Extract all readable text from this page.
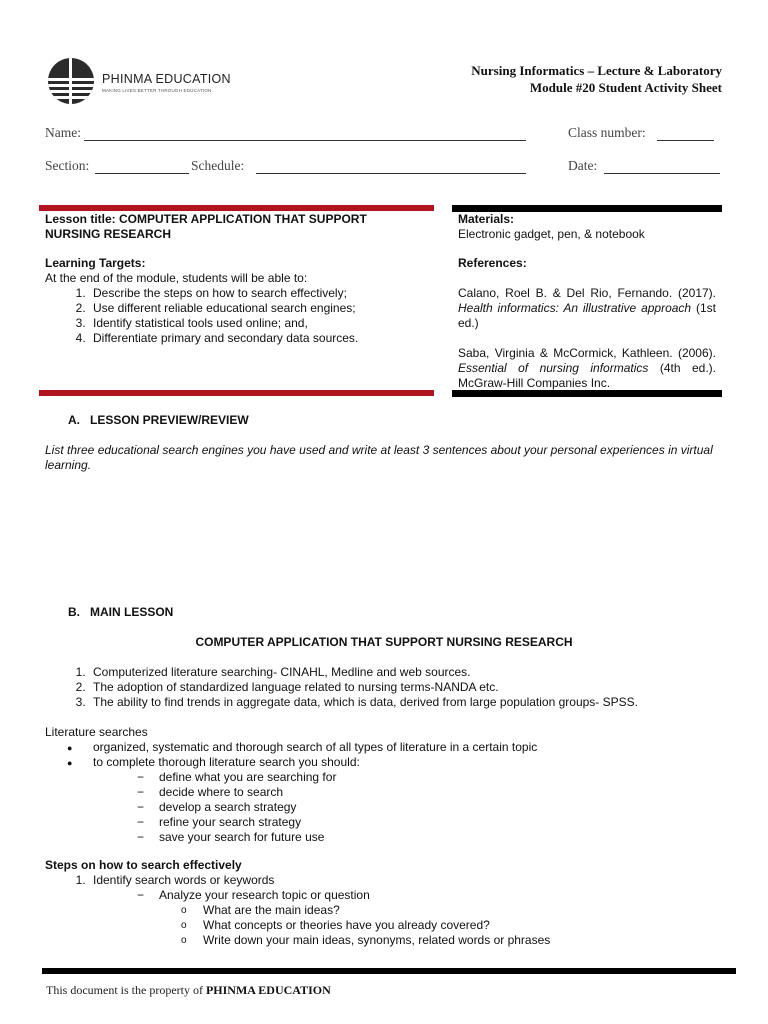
PHINMA EDUCATION
MAKING LIVES BETTER THROUGH EDUCATION
Nursing Informatics – Lecture & Laboratory
Module #20 Student Activity Sheet
Name:	Class number:
Section:	Schedule:	Date:
Lesson title: COMPUTER APPLICATION THAT SUPPORT
NURSING RESEARCH
Learning Targets:
At the end of the module, students will be able to:
1. Describe the steps on how to search effectively;
2. Use different reliable educational search engines;
3. Identify statistical tools used online; and,
4. Differentiate primary and secondary data sources.
Materials:
Electronic gadget, pen, & notebook
References:
Calano, Roel B. & Del Rio, Fernando. (2017). Health informatics: An illustrative approach (1st ed.)
Saba, Virginia & McCormick, Kathleen. (2006). Essential of nursing informatics (4th ed.). McGraw-Hill Companies Inc.
A.   LESSON PREVIEW/REVIEW
List three educational search engines you have used and write at least 3 sentences about your personal experiences in virtual learning.
B.   MAIN LESSON
COMPUTER APPLICATION THAT SUPPORT NURSING RESEARCH
1. Computerized literature searching- CINAHL, Medline and web sources.
2. The adoption of standardized language related to nursing terms-NANDA etc.
3. The ability to find trends in aggregate data, which is data, derived from large population groups- SPSS.
Literature searches
● organized, systematic and thorough search of all types of literature in a certain topic
● to complete thorough literature search you should:
− define what you are searching for
− decide where to search
− develop a search strategy
− refine your search strategy
− save your search for future use
Steps on how to search effectively
1. Identify search words or keywords
− Analyze your research topic or question
o What are the main ideas?
o What concepts or theories have you already covered?
o Write down your main ideas, synonyms, related words or phrases
This document is the property of PHINMA EDUCATION
